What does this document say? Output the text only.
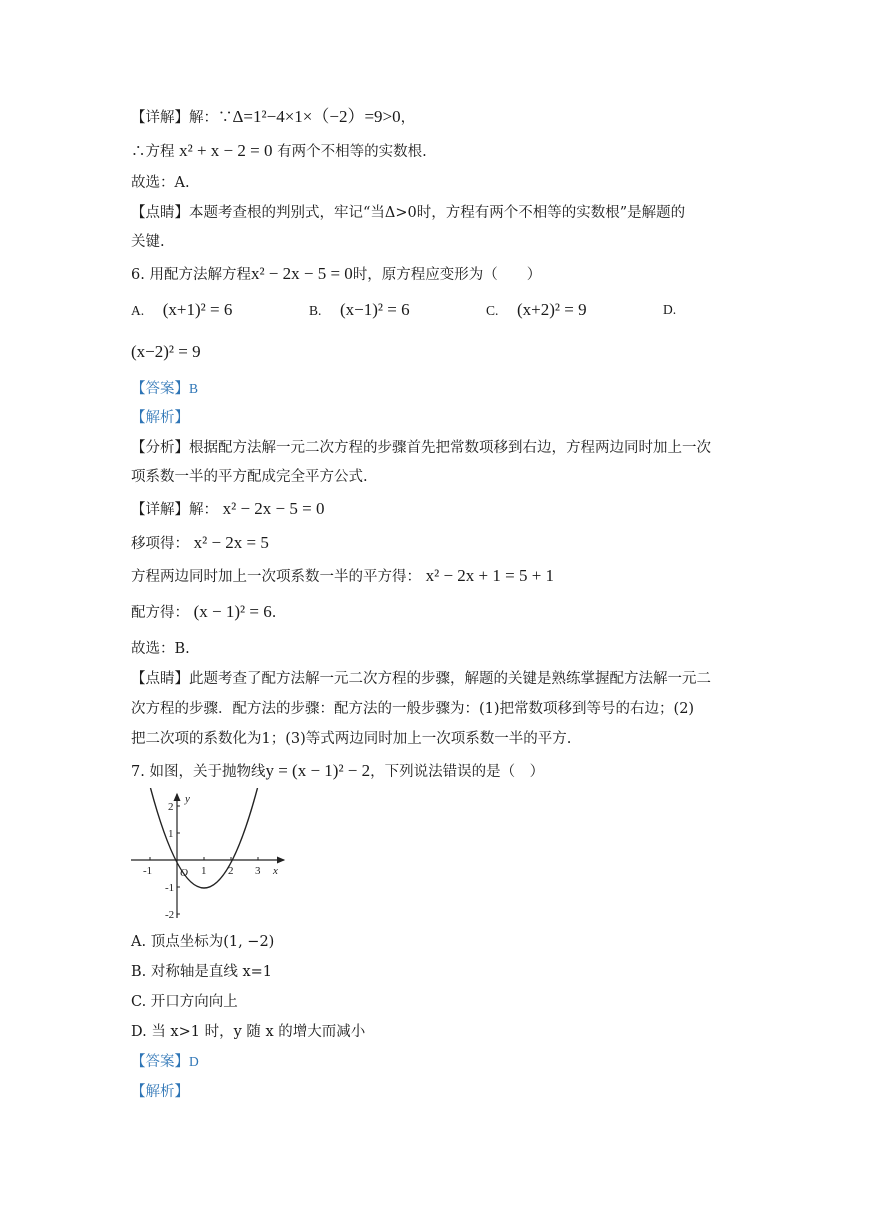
【详解】解：∵Δ=1²−4×1×（−2）=9>0，
∴方程 x² + x − 2 = 0 有两个不相等的实数根.
故选：A.
【点睛】本题考查根的判别式，牢记“当Δ>0时，方程有两个不相等的实数根”是解题的
关键.
6. 用配方法解方程x² − 2x − 5 = 0时，原方程应变形为（　　）
A. (x+1)² = 6	B. (x−1)² = 6	C. (x+2)² = 9	D.
(x−2)² = 9
【答案】B
【解析】
【分析】根据配方法解一元二次方程的步骤首先把常数项移到右边，方程两边同时加上一次
项系数一半的平方配成完全平方公式.
【详解】解： x² − 2x − 5 = 0
移项得： x² − 2x = 5
方程两边同时加上一次项系数一半的平方得： x² − 2x + 1 = 5 + 1
配方得： (x − 1)² = 6.
故选：B.
【点睛】此题考查了配方法解一元二次方程的步骤，解题的关键是熟练掌握配方法解一元二
次方程的步骤．配方法的步骤：配方法的一般步骤为：(1)把常数项移到等号的右边；(2)
把二次项的系数化为1；(3)等式两边同时加上一次项系数一半的平方.
7. 如图，关于抛物线y = (x − 1)² − 2，下列说法错误的是（　）
y
x
O
-1	1 2 3
2
1
-1
-2
A. 顶点坐标为(1, −2)
B. 对称轴是直线 x=1
C. 开口方向向上
D. 当 x>1 时，y 随 x 的增大而减小
【答案】D
【解析】
